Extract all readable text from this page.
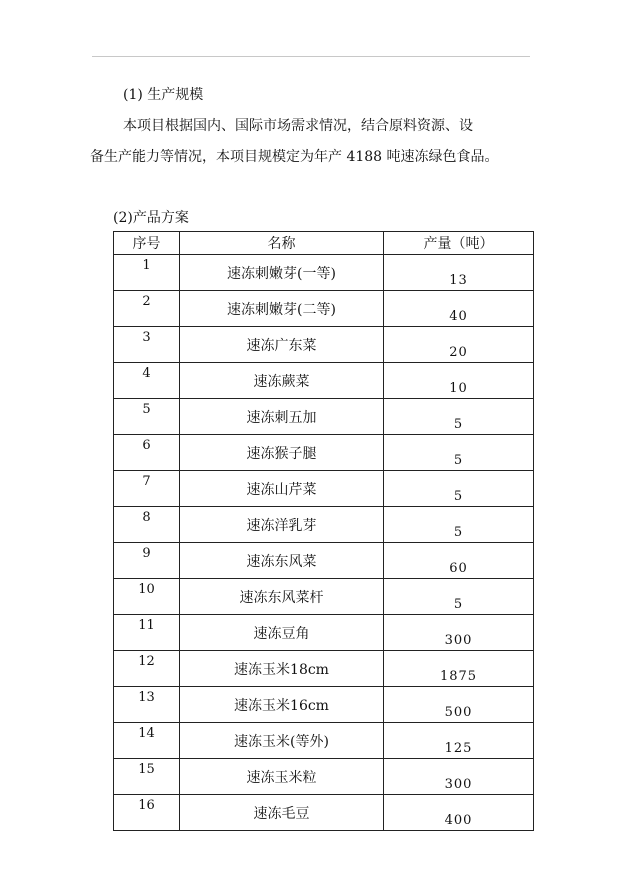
(1) 生产规模
本项目根据国内、国际市场需求情况，结合原料资源、设
备生产能力等情况，本项目规模定为年产 4188 吨速冻绿色食品。
(2)产品方案
序号	名称	产量（吨）
1	速冻刺嫩芽(一等)	13
2	速冻刺嫩芽(二等)	40
3	速冻广东菜	20
4	速冻蕨菜	10
5	速冻刺五加	5
6	速冻猴子腿	5
7	速冻山芹菜	5
8	速冻洋乳芽	5
9	速冻东风菜	60
10	速冻东风菜杆	5
11	速冻豆角	300
12	速冻玉米18cm	1875
13	速冻玉米16cm	500
14	速冻玉米(等外)	125
15	速冻玉米粒	300
16	速冻毛豆	400
